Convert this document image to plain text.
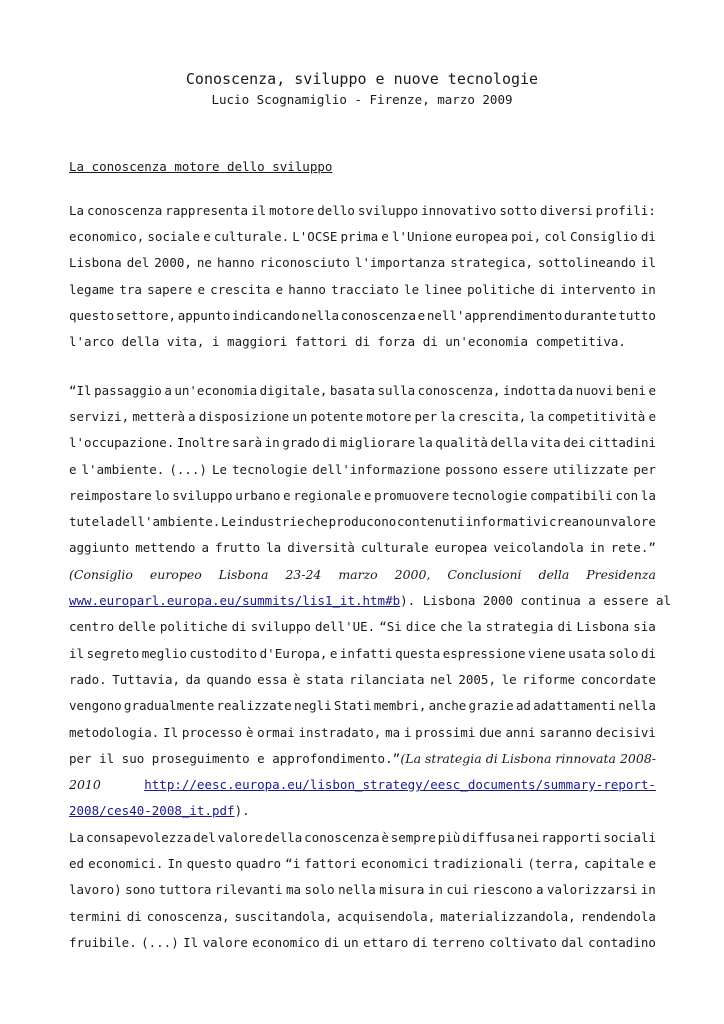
Conoscenza, sviluppo e nuove tecnologie
Lucio Scognamiglio - Firenze, marzo 2009
La conoscenza motore dello sviluppo
La conoscenza rappresenta il motore dello sviluppo innovativo sotto diversi profili:
economico, sociale e culturale. L'OCSE prima e l'Unione europea poi, col Consiglio di
Lisbona del 2000, ne hanno riconosciuto l'importanza strategica, sottolineando il
legame tra sapere e crescita e hanno tracciato le linee politiche di intervento in
questo settore, appunto indicando nella conoscenza e nell'apprendimento durante tutto
l'arco della vita, i maggiori fattori di forza di un'economia competitiva.
“Il passaggio a un'economia digitale, basata sulla conoscenza, indotta da nuovi beni e
servizi, metterà a disposizione un potente motore per la crescita, la competitività e
l'occupazione. Inoltre sarà in grado di migliorare la qualità della vita dei cittadini
e l'ambiente. (...) Le tecnologie dell'informazione possono essere utilizzate per
reimpostare lo sviluppo urbano e regionale e promuovere tecnologie compatibili con la
tutela dell'ambiente. Le industrie che producono contenuti informativi creano un valore
aggiunto mettendo a frutto la diversità culturale europea veicolandola in rete.”
(Consiglio europeo Lisbona 23-24 marzo 2000, Conclusioni della Presidenza
www.europarl.europa.eu/summits/lis1_it.htm#b). Lisbona 2000 continua a essere al
centro delle politiche di sviluppo dell'UE. “Si dice che la strategia di Lisbona sia
il segreto meglio custodito d'Europa, e infatti questa espressione viene usata solo di
rado. Tuttavia, da quando essa è stata rilanciata nel 2005, le riforme concordate
vengono gradualmente realizzate negli Stati membri, anche grazie ad adattamenti nella
metodologia. Il processo è ormai instradato, ma i prossimi due anni saranno decisivi
per il suo proseguimento e approfondimento.” (La strategia di Lisbona rinnovata 2008-
2010	http://eesc.europa.eu/lisbon_strategy/eesc_documents/summary-report-
2008/ces40-2008_it.pdf).
La consapevolezza del valore della conoscenza è sempre più diffusa nei rapporti sociali
ed economici. In questo quadro “i fattori economici tradizionali (terra, capitale e
lavoro) sono tuttora rilevanti ma solo nella misura in cui riescono a valorizzarsi in
termini di conoscenza, suscitandola, acquisendola, materializzandola, rendendola
fruibile. (...) Il valore economico di un ettaro di terreno coltivato dal contadino
